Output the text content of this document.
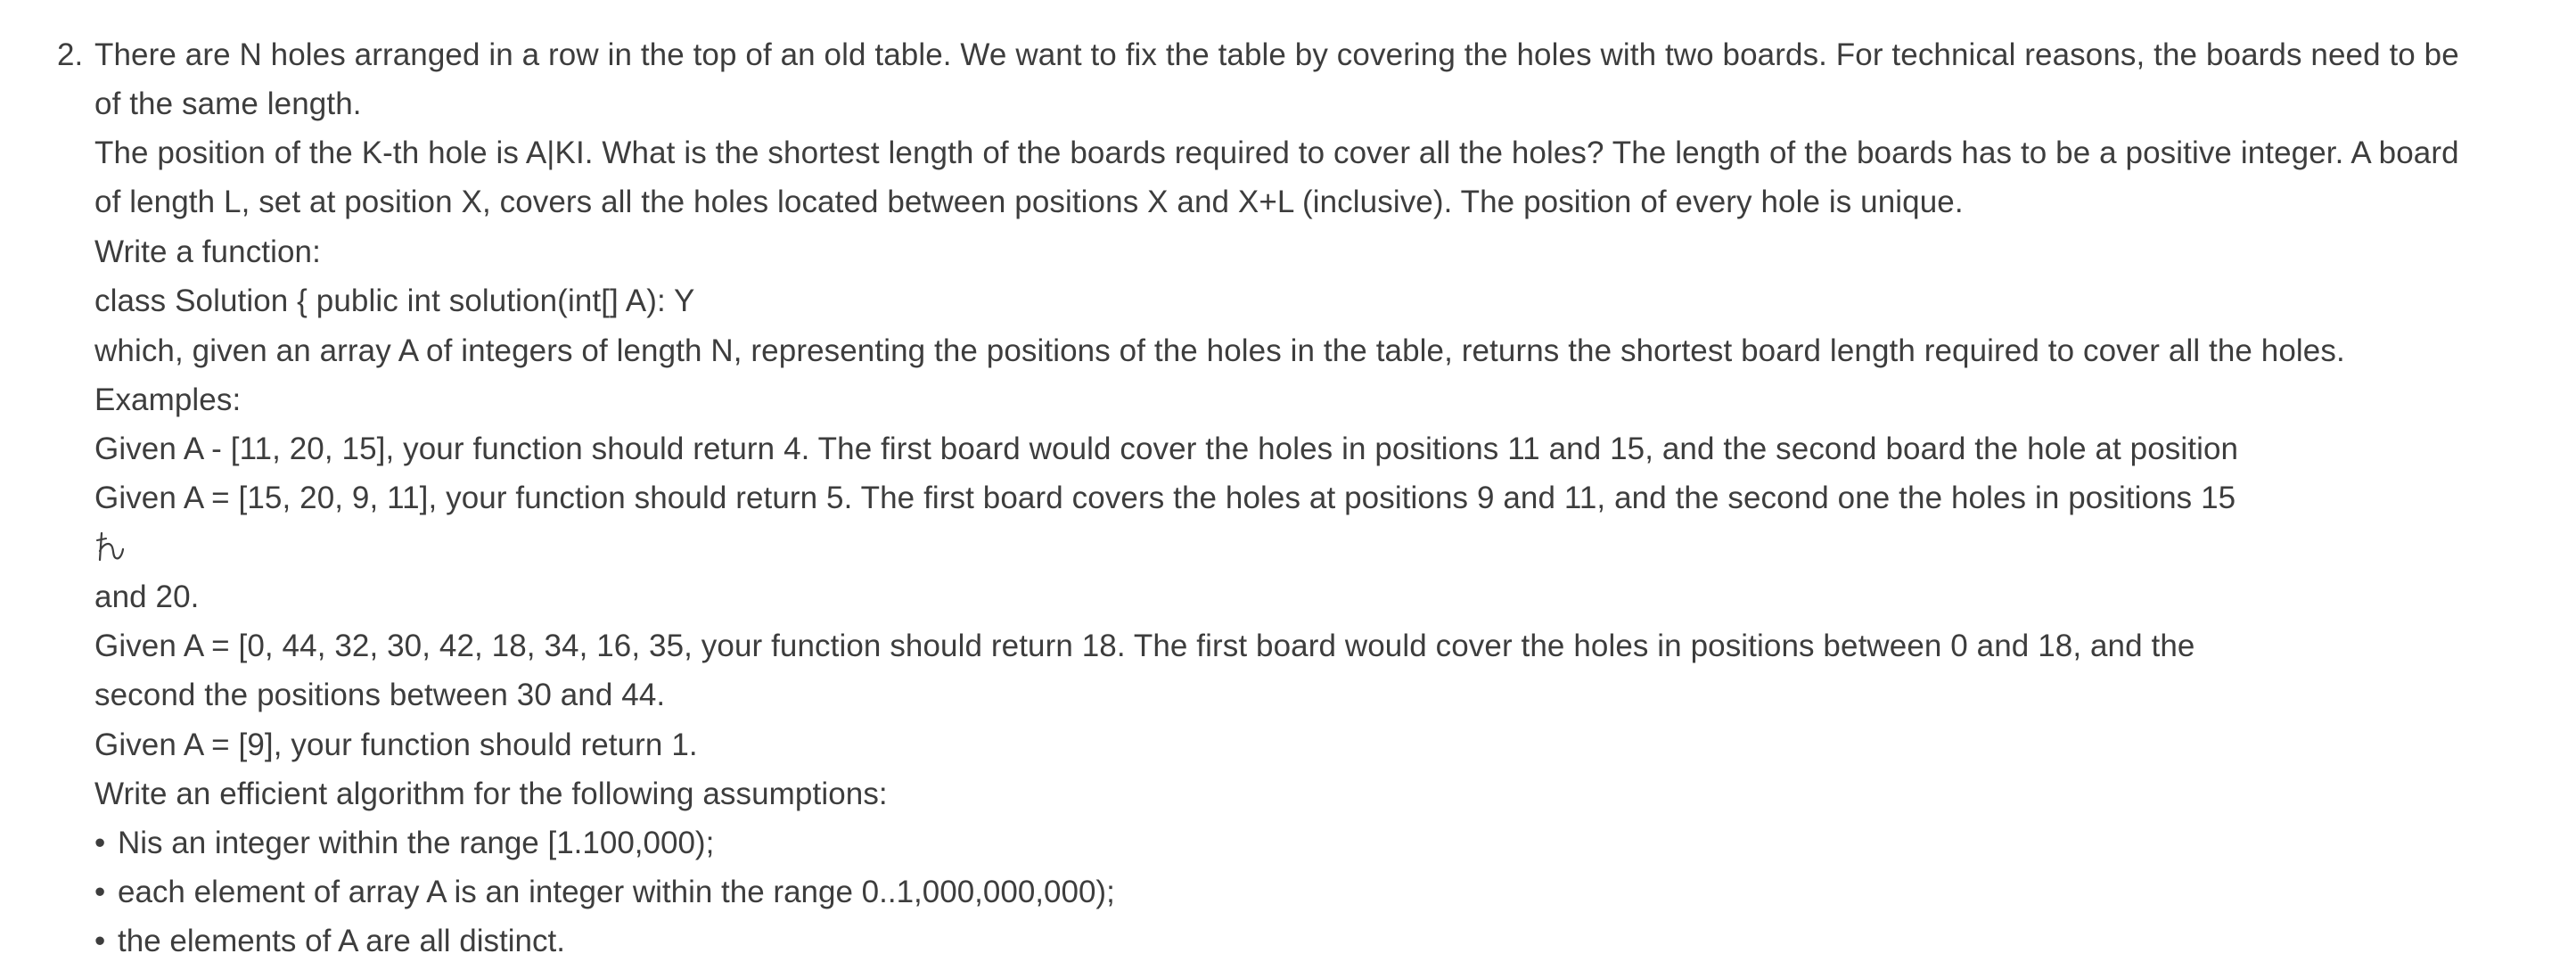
2. There are N holes arranged in a row in the top of an old table. We want to fix the table by covering the holes with two boards. For technical reasons, the boards need to be
of the same length.
The position of the K-th hole is A|KI. What is the shortest length of the boards required to cover all the holes? The length of the boards has to be a positive integer. A board
of length L, set at position X, covers all the holes located between positions X and X+L (inclusive). The position of every hole is unique.
Write a function:
class Solution { public int solution(int[] A): Y
which, given an array A of integers of length N, representing the positions of the holes in the table, returns the shortest board length required to cover all the holes.
Examples:
Given A - [11, 20, 15], your function should return 4. The first board would cover the holes in positions 11 and 15, and the second board the hole at position
Given A = [15, 20, 9, 11], your function should return 5. The first board covers the holes at positions 9 and 11, and the second one the holes in positions 15
and 20.
Given A = [0, 44, 32, 30, 42, 18, 34, 16, 35, your function should return 18. The first board would cover the holes in positions between 0 and 18, and the
second the positions between 30 and 44.
Given A = [9], your function should return 1.
Write an efficient algorithm for the following assumptions:
• Nis an integer within the range [1.100,000);
• each element of array A is an integer within the range 0..1,000,000,000);
• the elements of A are all distinct.
